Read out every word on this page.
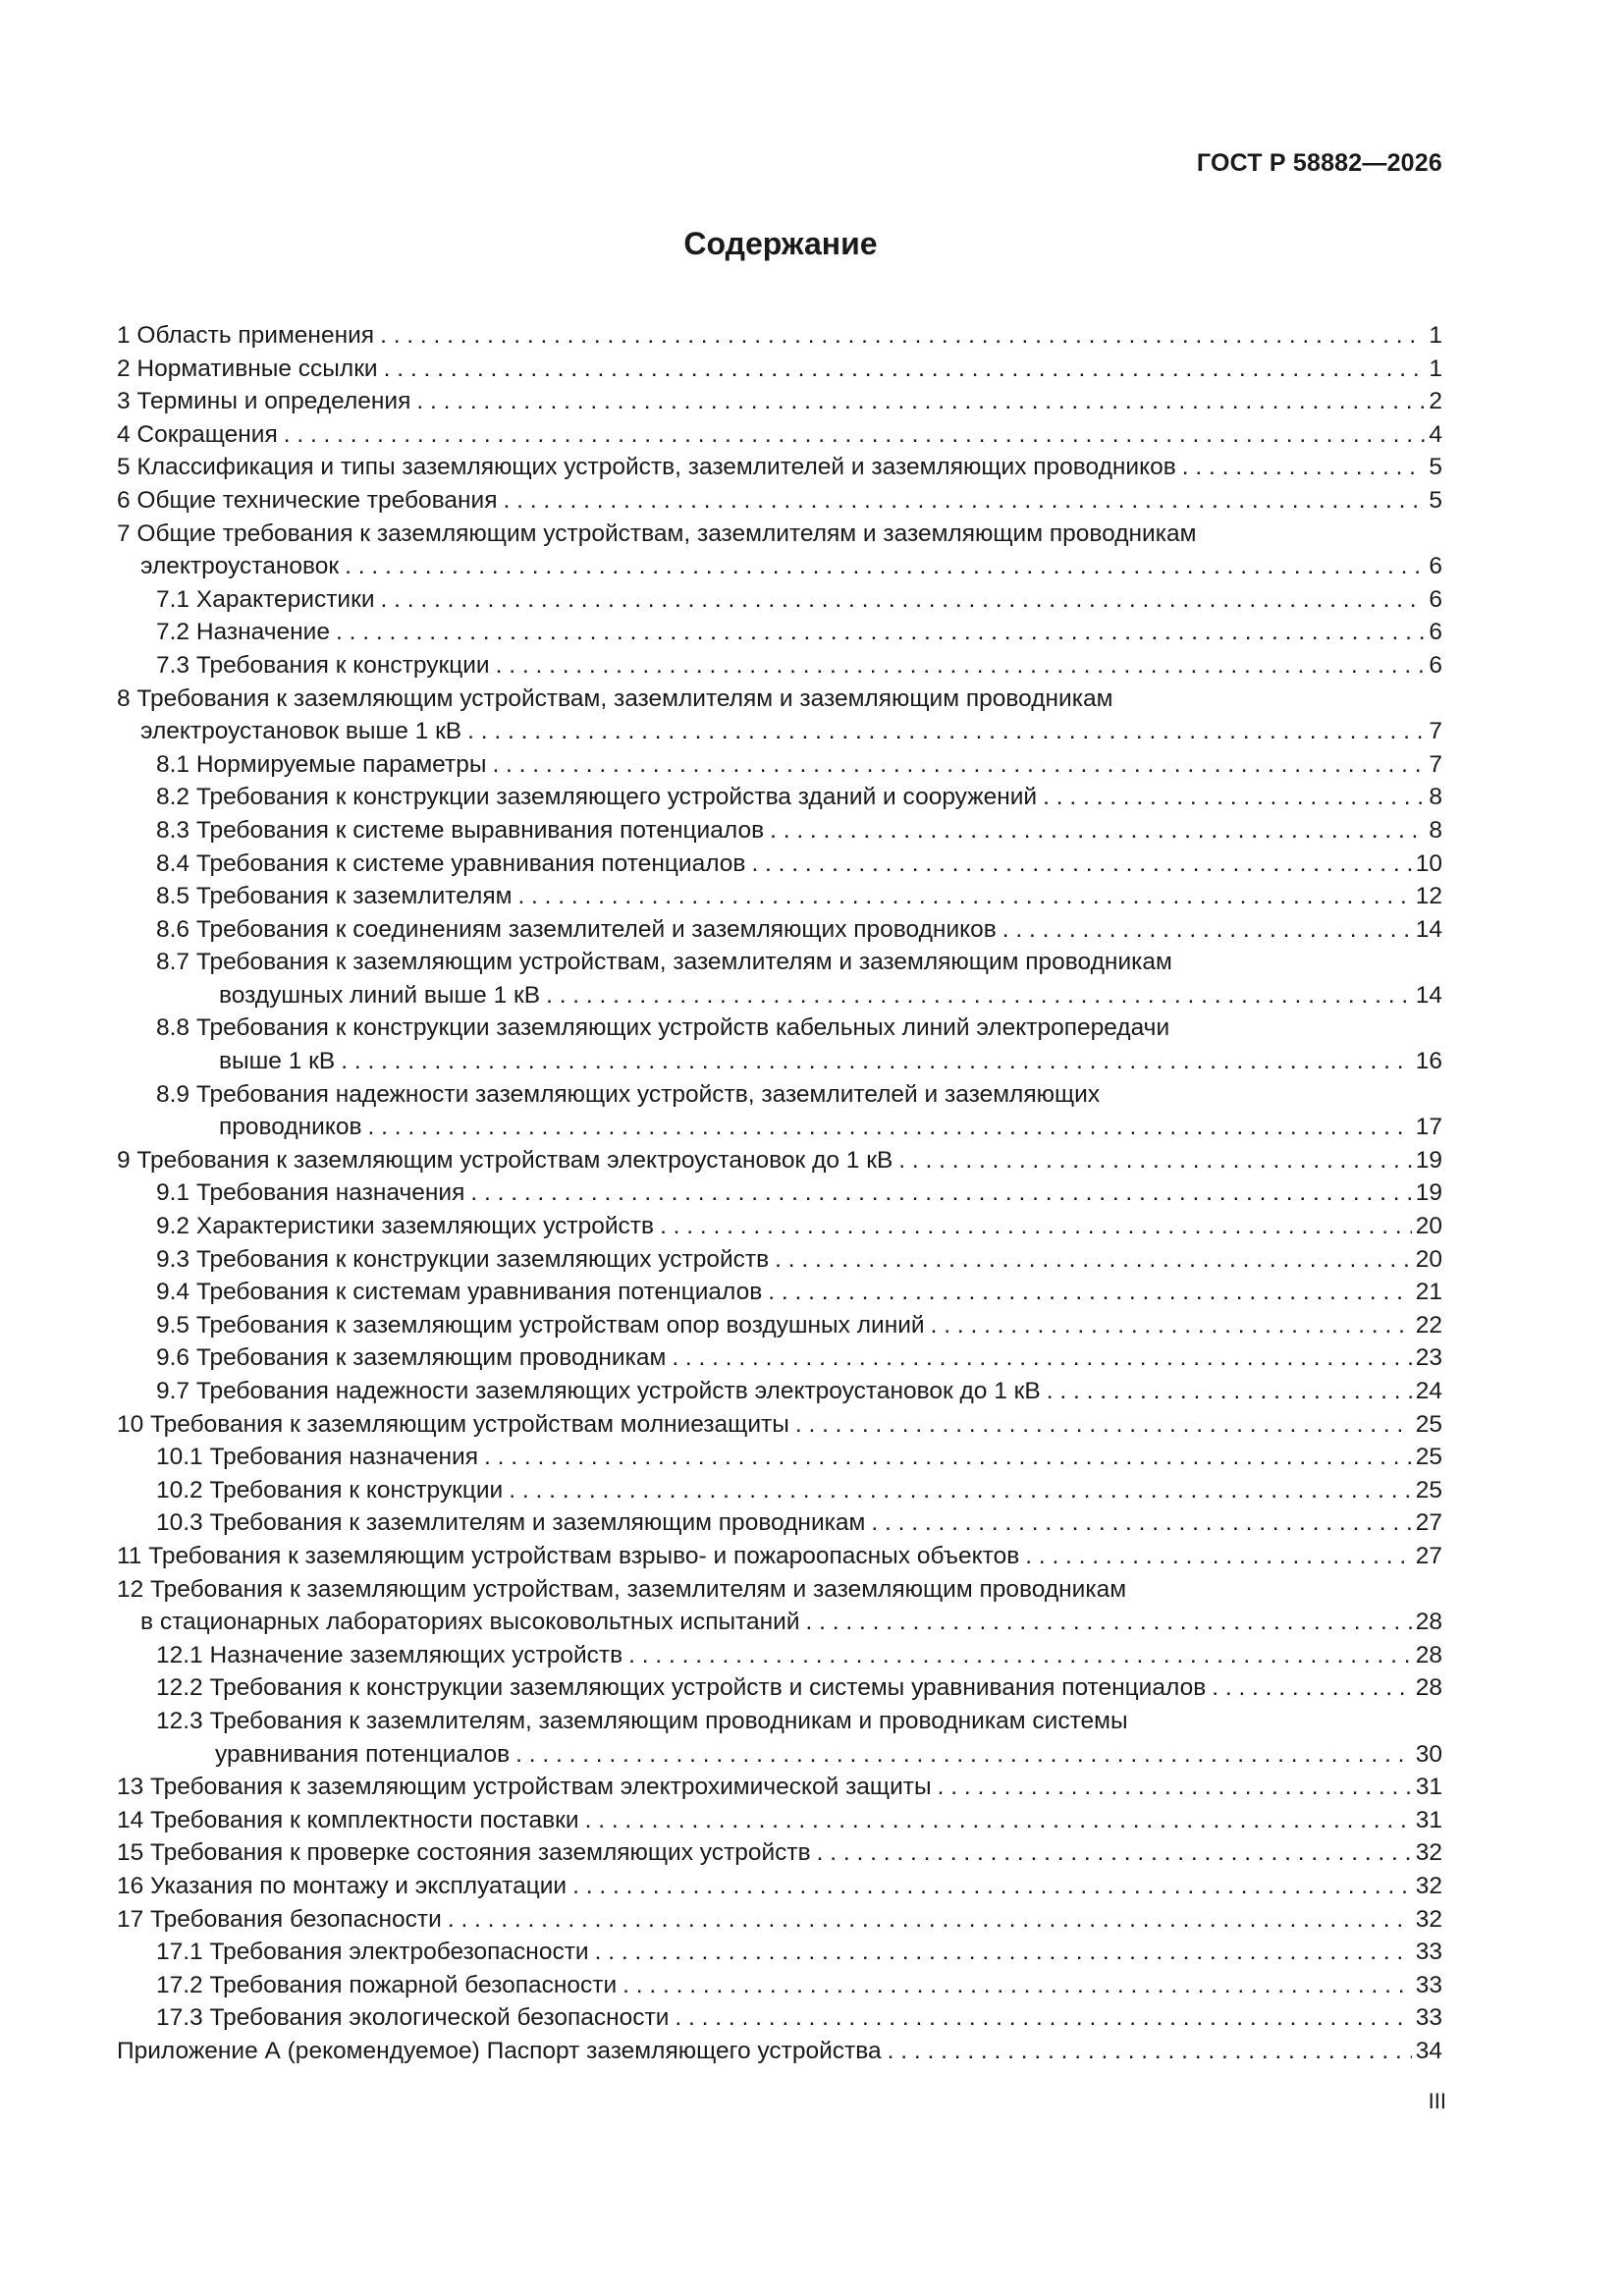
ГОСТ Р 58882—2026
Содержание
1 Область применения . . .	1
2 Нормативные ссылки . . .	1
3 Термины и определения . . .	2
4 Сокращения . . .	4
5 Классификация и типы заземляющих устройств, заземлителей и заземляющих проводников . . .	5
6 Общие технические требования . . .	5
7 Общие требования к заземляющим устройствам, заземлителям и заземляющим проводникам
электроустановок . . .	6
7.1 Характеристики . . .	6
7.2 Назначение . . .	6
7.3 Требования к конструкции . . .	6
8 Требования к заземляющим устройствам, заземлителям и заземляющим проводникам
электроустановок выше 1 кВ . . .	7
8.1 Нормируемые параметры . . .	7
8.2 Требования к конструкции заземляющего устройства зданий и сооружений . . .	8
8.3 Требования к системе выравнивания потенциалов . . .	8
8.4 Требования к системе уравнивания потенциалов . . .	10
8.5 Требования к заземлителям . . .	12
8.6 Требования к соединениям заземлителей и заземляющих проводников . . .	14
8.7 Требования к заземляющим устройствам, заземлителям и заземляющим проводникам
воздушных линий выше 1 кВ . . .	14
8.8 Требования к конструкции заземляющих устройств кабельных линий электропередачи
выше 1 кВ . . .	16
8.9 Требования надежности заземляющих устройств, заземлителей и заземляющих
проводников . . .	17
9 Требования к заземляющим устройствам электроустановок до 1 кВ . . .	19
9.1 Требования назначения . . .	19
9.2 Характеристики заземляющих устройств . . .	20
9.3 Требования к конструкции заземляющих устройств . . .	20
9.4 Требования к системам уравнивания потенциалов . . .	21
9.5 Требования к заземляющим устройствам опор воздушных линий . . .	22
9.6 Требования к заземляющим проводникам . . .	23
9.7 Требования надежности заземляющих устройств электроустановок до 1 кВ . . .	24
10 Требования к заземляющим устройствам молниезащиты . . .	25
10.1 Требования назначения . . .	25
10.2 Требования к конструкции . . .	25
10.3 Требования к заземлителям и заземляющим проводникам . . .	27
11 Требования к заземляющим устройствам взрыво- и пожароопасных объектов . . .	27
12 Требования к заземляющим устройствам, заземлителям и заземляющим проводникам
в стационарных лабораториях высоковольтных испытаний . . .	28
12.1 Назначение заземляющих устройств . . .	28
12.2 Требования к конструкции заземляющих устройств и системы уравнивания потенциалов . . .	28
12.3 Требования к заземлителям, заземляющим проводникам и проводникам системы
уравнивания потенциалов . . .	30
13 Требования к заземляющим устройствам электрохимической защиты . . .	31
14 Требования к комплектности поставки . . .	31
15 Требования к проверке состояния заземляющих устройств . . .	32
16 Указания по монтажу и эксплуатации . . .	32
17 Требования безопасности . . .	32
17.1 Требования электробезопасности . . .	33
17.2 Требования пожарной безопасности . . .	33
17.3 Требования экологической безопасности . . .	33
Приложение А (рекомендуемое) Паспорт заземляющего устройства . . .	34
III
